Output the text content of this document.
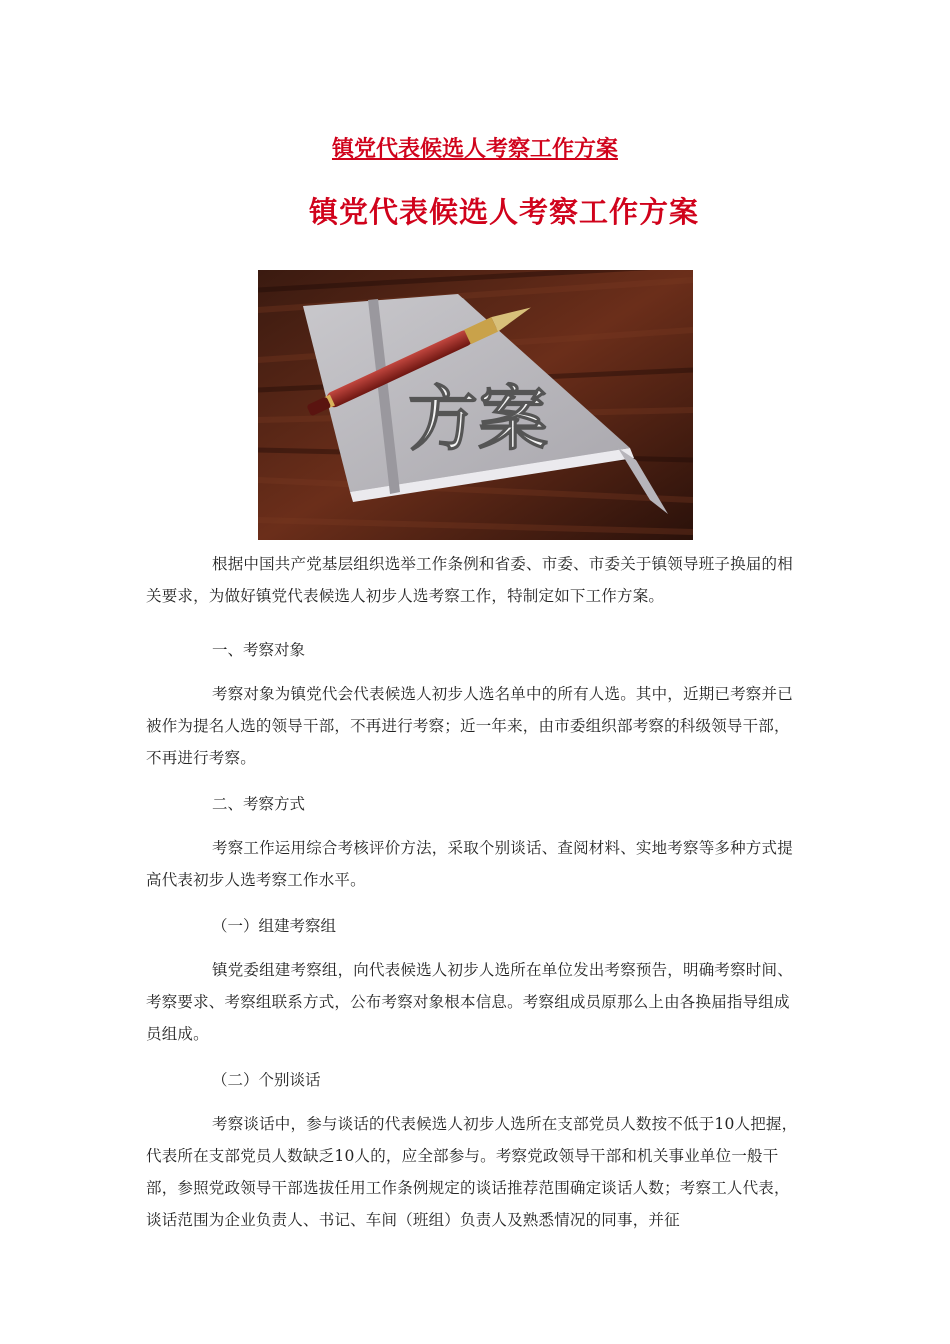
镇党代表候选人考察工作方案
镇党代表候选人考察工作方案
方案

根据中国共产党基层组织选举工作条例和省委、市委、市委关于镇领导班子换届的相关要求，为做好镇党代表候选人初步人选考察工作，特制定如下工作方案。

一、考察对象

考察对象为镇党代会代表候选人初步人选名单中的所有人选。其中，近期已考察并已被作为提名人选的领导干部，不再进行考察；近一年来，由市委组织部考察的科级领导干部，不再进行考察。

二、考察方式

考察工作运用综合考核评价方法，采取个别谈话、查阅材料、实地考察等多种方式提高代表初步人选考察工作水平。

（一）组建考察组

镇党委组建考察组，向代表候选人初步人选所在单位发出考察预告，明确考察时间、考察要求、考察组联系方式，公布考察对象根本信息。考察组成员原那么上由各换届指导组成员组成。

（二）个别谈话

考察谈话中，参与谈话的代表候选人初步人选所在支部党员人数按不低于10人把握，代表所在支部党员人数缺乏10人的，应全部参与。考察党政领导干部和机关事业单位一般干部，参照党政领导干部选拔任用工作条例规定的谈话推荐范围确定谈话人数；考察工人代表，谈话范围为企业负责人、书记、车间（班组）负责人及熟悉情况的同事，并征
